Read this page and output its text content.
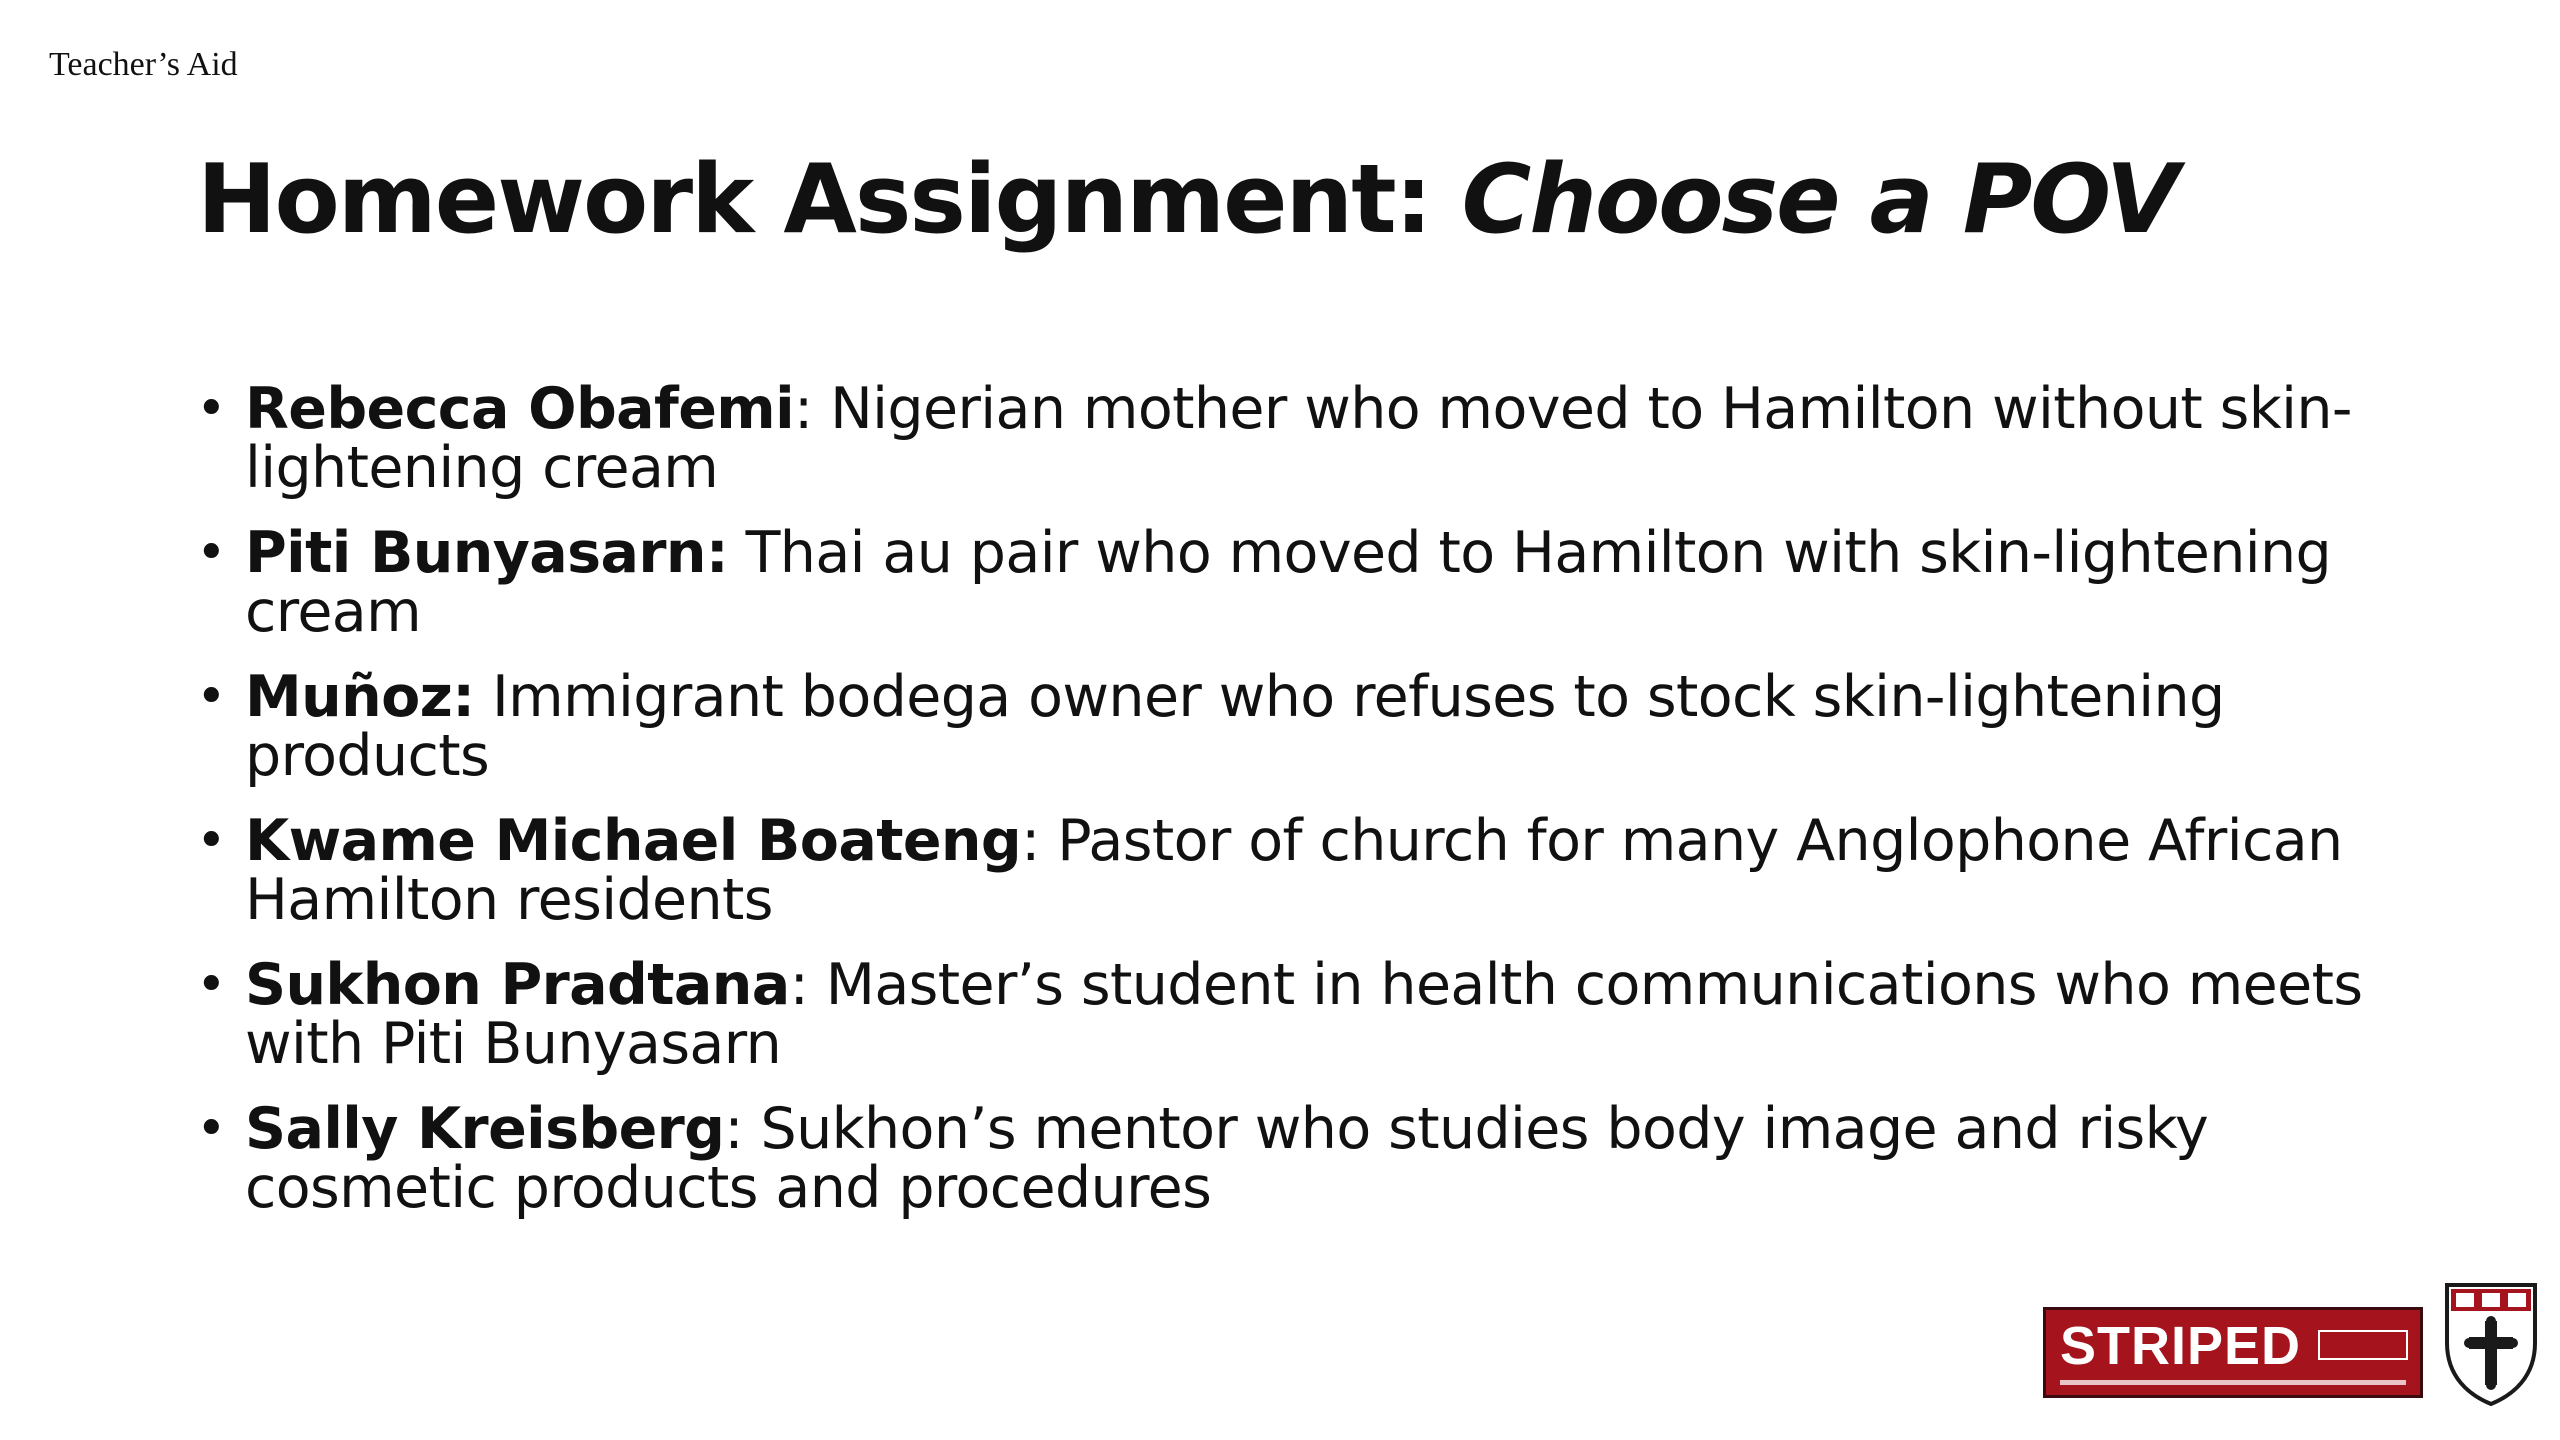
Teacher’s Aid
Homework Assignment: Choose a POV
• Rebecca Obafemi: Nigerian mother who moved to Hamilton without skin-
lightening cream
• Piti Bunyasarn: Thai au pair who moved to Hamilton with skin-lightening
cream
• Muñoz: Immigrant bodega owner who refuses to stock skin-lightening
products
• Kwame Michael Boateng: Pastor of church for many Anglophone African
Hamilton residents
• Sukhon Pradtana: Master’s student in health communications who meets
with Piti Bunyasarn
• Sally Kreisberg: Sukhon’s mentor who studies body image and risky
cosmetic products and procedures
STRIPED
